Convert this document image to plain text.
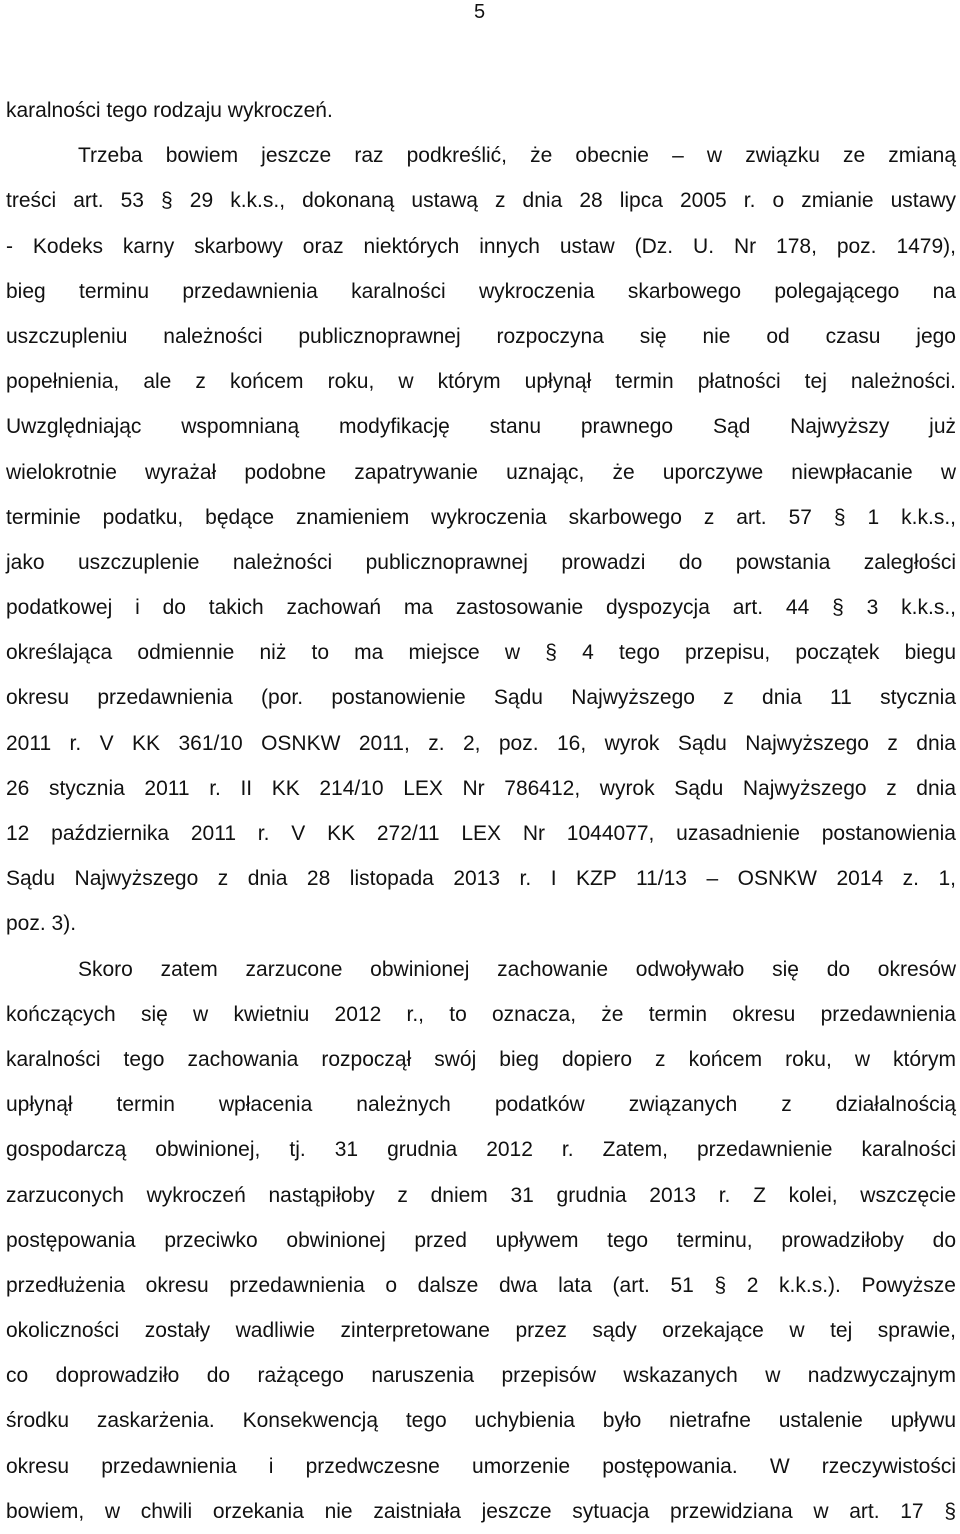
5
karalności tego rodzaju wykroczeń.
Trzeba bowiem jeszcze raz podkreślić, że obecnie – w związku ze zmianą
treści art. 53 § 29 k.k.s., dokonaną ustawą z dnia 28 lipca 2005 r. o zmianie ustawy
- Kodeks karny skarbowy oraz niektórych innych ustaw (Dz. U. Nr 178, poz. 1479),
bieg terminu przedawnienia karalności wykroczenia skarbowego polegającego na
uszczupleniu należności publicznoprawnej rozpoczyna się nie od czasu jego
popełnienia, ale z końcem roku, w którym upłynął termin płatności tej należności.
Uwzględniając wspomnianą modyfikację stanu prawnego Sąd Najwyższy już
wielokrotnie wyrażał podobne zapatrywanie uznając, że uporczywe niewpłacanie w
terminie podatku, będące znamieniem wykroczenia skarbowego z art. 57 § 1 k.k.s.,
jako uszczuplenie należności publicznoprawnej prowadzi do powstania zaległości
podatkowej i do takich zachowań ma zastosowanie dyspozycja art. 44 § 3 k.k.s.,
określająca odmiennie niż to ma miejsce w § 4 tego przepisu, początek biegu
okresu przedawnienia (por. postanowienie Sądu Najwyższego z dnia 11 stycznia
2011 r. V KK 361/10 OSNKW 2011, z. 2, poz. 16, wyrok Sądu Najwyższego z dnia
26 stycznia 2011 r. II KK 214/10 LEX Nr 786412, wyrok Sądu Najwyższego z dnia
12 października 2011 r. V KK 272/11 LEX Nr 1044077, uzasadnienie postanowienia
Sądu Najwyższego z dnia 28 listopada 2013 r. I KZP 11/13 – OSNKW 2014 z. 1,
poz. 3).
Skoro zatem zarzucone obwinionej zachowanie odwoływało się do okresów
kończących się w kwietniu 2012 r., to oznacza, że termin okresu przedawnienia
karalności tego zachowania rozpoczął swój bieg dopiero z końcem roku, w którym
upłynął termin wpłacenia należnych podatków związanych z działalnością
gospodarczą obwinionej, tj. 31 grudnia 2012 r. Zatem, przedawnienie karalności
zarzuconych wykroczeń nastąpiłoby z dniem 31 grudnia 2013 r. Z kolei, wszczęcie
postępowania przeciwko obwinionej przed upływem tego terminu, prowadziłoby do
przedłużenia okresu przedawnienia o dalsze dwa lata (art. 51 § 2 k.k.s.). Powyższe
okoliczności zostały wadliwie zinterpretowane przez sądy orzekające w tej sprawie,
co doprowadziło do rażącego naruszenia przepisów wskazanych w nadzwyczajnym
środku zaskarżenia. Konsekwencją tego uchybienia było nietrafne ustalenie upływu
okresu przedawnienia i przedwczesne umorzenie postępowania. W rzeczywistości
bowiem, w chwili orzekania nie zaistniała jeszcze sytuacja przewidziana w art. 17 §
